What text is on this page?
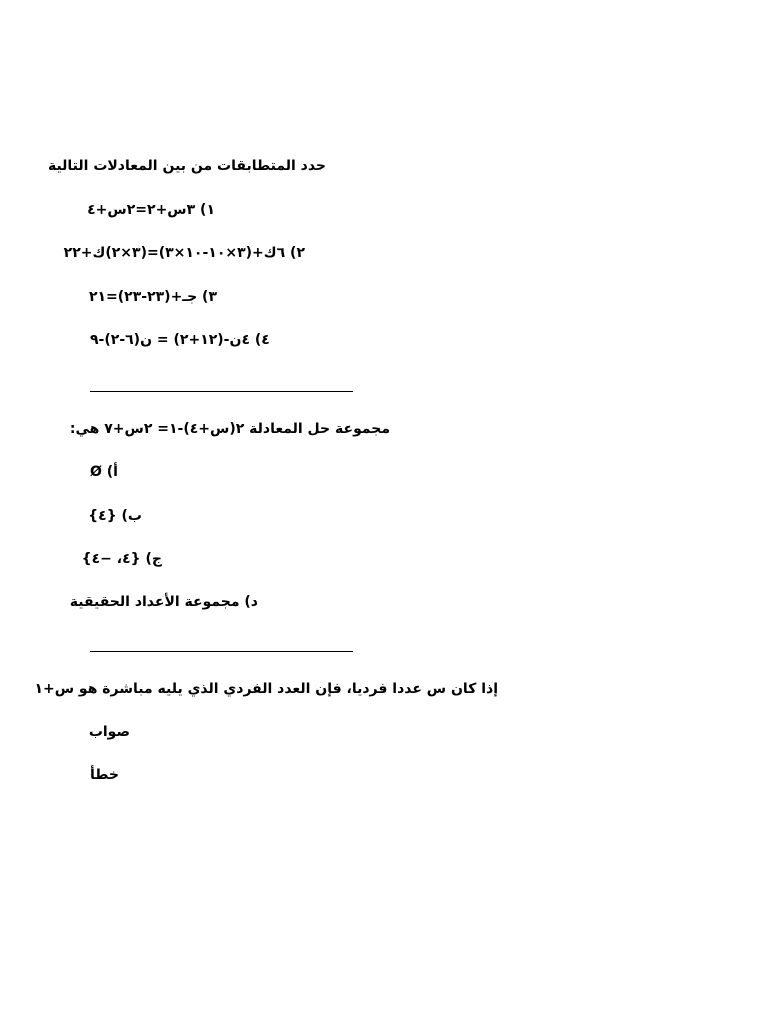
حدد المتطابقات من بين المعادلات التالية
١) ٣س+٢=٢س+٤
٢) ٦ك+(٣×١٠-١٠×٣)=(٣×٢)ك+٢٢
٣) جـ+(٢٣-٢٣)=٢١
٤) ٤ن-(١٢+٢) = ن(٦-٢)-٩
مجموعة حل المعادلة ٢(س+٤)-١= ٢س+٧ هي:
أ) Ø
ب) {٤}
ج) {٤، −٤}
د) مجموعة الأعداد الحقيقية
إذا كان س عددا فرديا، فإن العدد الفردي الذي يليه مباشرة هو س+١
صواب
خطأ
